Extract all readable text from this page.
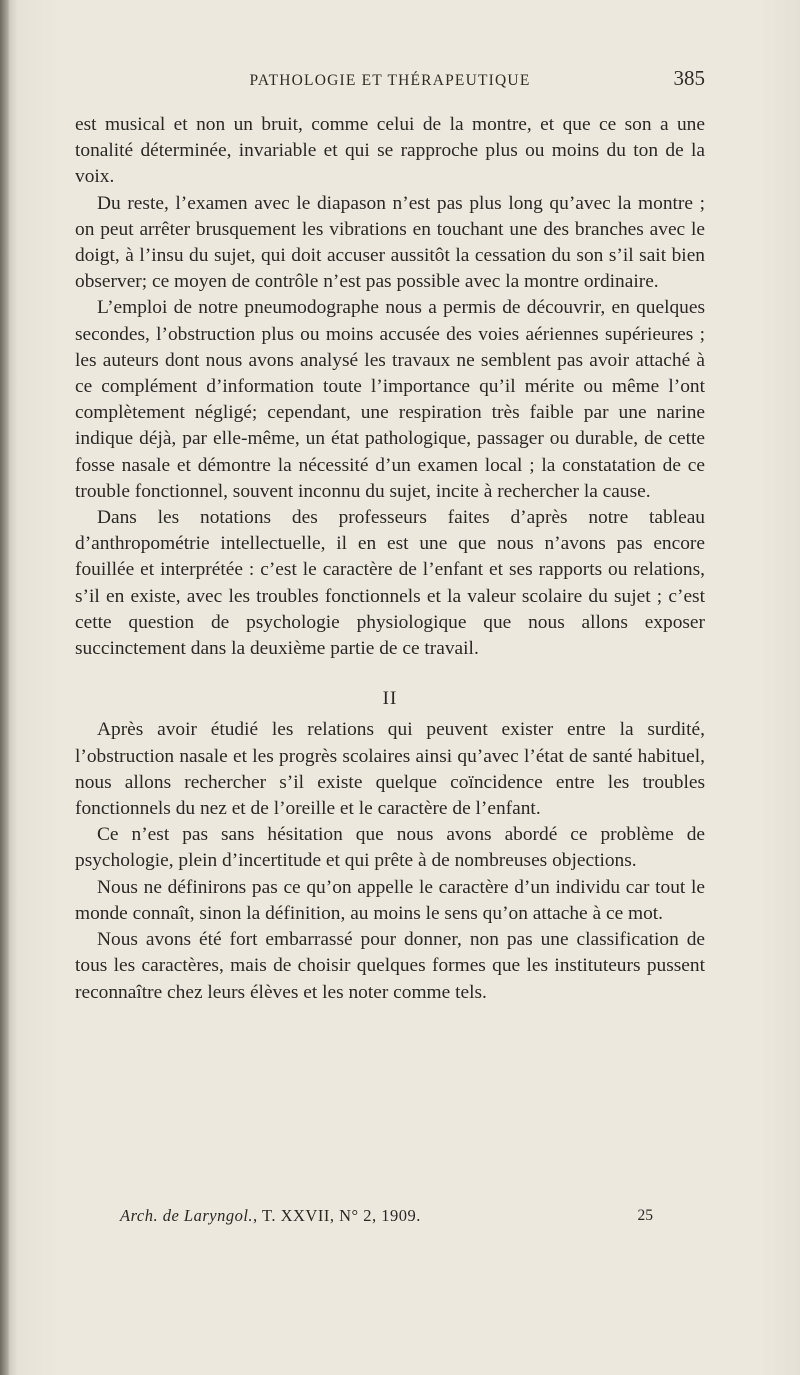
PATHOLOGIE ET THÉRAPEUTIQUE	385

est musical et non un bruit, comme celui de la montre, et que ce son a une tonalité déterminée, invariable et qui se rapproche plus ou moins du ton de la voix.

Du reste, l’examen avec le diapason n’est pas plus long qu’avec la montre ; on peut arrêter brusquement les vibrations en touchant une des branches avec le doigt, à l’insu du sujet, qui doit accuser aussitôt la cessation du son s’il sait bien observer; ce moyen de contrôle n’est pas possible avec la montre ordinaire.

L’emploi de notre pneumodographe nous a permis de découvrir, en quelques secondes, l’obstruction plus ou moins accusée des voies aériennes supérieures ; les auteurs dont nous avons analysé les travaux ne semblent pas avoir attaché à ce complément d’information toute l’importance qu’il mérite ou même l’ont complètement négligé; cependant, une respiration très faible par une narine indique déjà, par elle-même, un état pathologique, passager ou durable, de cette fosse nasale et démontre la nécessité d’un examen local ; la constatation de ce trouble fonctionnel, souvent inconnu du sujet, incite à rechercher la cause.

Dans les notations des professeurs faites d’après notre tableau d’anthropométrie intellectuelle, il en est une que nous n’avons pas encore fouillée et interprétée : c’est le caractère de l’enfant et ses rapports ou relations, s’il en existe, avec les troubles fonctionnels et la valeur scolaire du sujet ; c’est cette question de psychologie physiologique que nous allons exposer succinctement dans la deuxième partie de ce travail.

II

Après avoir étudié les relations qui peuvent exister entre la surdité, l’obstruction nasale et les progrès scolaires ainsi qu’avec l’état de santé habituel, nous allons rechercher s’il existe quelque coïncidence entre les troubles fonctionnels du nez et de l’oreille et le caractère de l’enfant.

Ce n’est pas sans hésitation que nous avons abordé ce problème de psychologie, plein d’incertitude et qui prête à de nombreuses objections.

Nous ne définirons pas ce qu’on appelle le caractère d’un individu car tout le monde connaît, sinon la définition, au moins le sens qu’on attache à ce mot.

Nous avons été fort embarrassé pour donner, non pas une classification de tous les caractères, mais de choisir quelques formes que les instituteurs pussent reconnaître chez leurs élèves et les noter comme tels.

Arch. de Laryngol., T. XXVII, N° 2, 1909.	25
